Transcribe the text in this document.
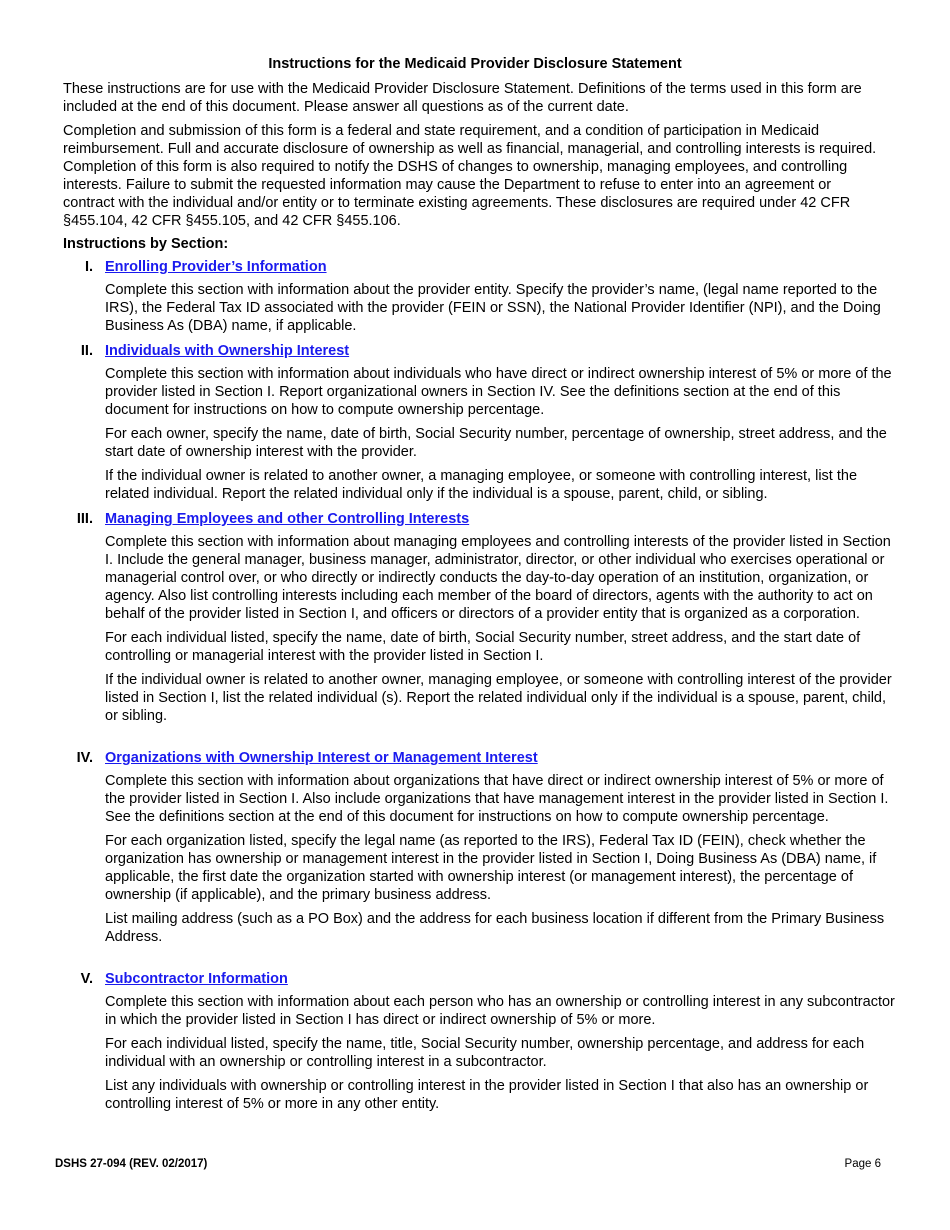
Instructions for the Medicaid Provider Disclosure Statement

These instructions are for use with the Medicaid Provider Disclosure Statement. Definitions of the terms used in this form are included at the end of this document. Please answer all questions as of the current date.

Completion and submission of this form is a federal and state requirement, and a condition of participation in Medicaid reimbursement. Full and accurate disclosure of ownership as well as financial, managerial, and controlling interests is required. Completion of this form is also required to notify the DSHS of changes to ownership, managing employees, and controlling interests. Failure to submit the requested information may cause the Department to refuse to enter into an agreement or contract with the individual and/or entity or to terminate existing agreements. These disclosures are required under 42 CFR §455.104, 42 CFR §455.105, and 42 CFR §455.106.

Instructions by Section:
I. Enrolling Provider’s Information

Complete this section with information about the provider entity. Specify the provider’s name, (legal name reported to the IRS), the Federal Tax ID associated with the provider (FEIN or SSN), the National Provider Identifier (NPI), and the Doing Business As (DBA) name, if applicable.

II. Individuals with Ownership Interest

Complete this section with information about individuals who have direct or indirect ownership interest of 5% or more of the provider listed in Section I. Report organizational owners in Section IV. See the definitions section at the end of this document for instructions on how to compute ownership percentage.

For each owner, specify the name, date of birth, Social Security number, percentage of ownership, street address, and the start date of ownership interest with the provider.

If the individual owner is related to another owner, a managing employee, or someone with controlling interest, list the related individual. Report the related individual only if the individual is a spouse, parent, child, or sibling.

III. Managing Employees and other Controlling Interests

Complete this section with information about managing employees and controlling interests of the provider listed in Section I. Include the general manager, business manager, administrator, director, or other individual who exercises operational or managerial control over, or who directly or indirectly conducts the day-to-day operation of an institution, organization, or agency. Also list controlling interests including each member of the board of directors, agents with the authority to act on behalf of the provider listed in Section I, and officers or directors of a provider entity that is organized as a corporation.

For each individual listed, specify the name, date of birth, Social Security number, street address, and the start date of controlling or managerial interest with the provider listed in Section I.

If the individual owner is related to another owner, managing employee, or someone with controlling interest of the provider listed in Section I, list the related individual (s). Report the related individual only if the individual is a spouse, parent, child, or sibling.

IV. Organizations with Ownership Interest or Management Interest

Complete this section with information about organizations that have direct or indirect ownership interest of 5% or more of the provider listed in Section I. Also include organizations that have management interest in the provider listed in Section I. See the definitions section at the end of this document for instructions on how to compute ownership percentage.

For each organization listed, specify the legal name (as reported to the IRS), Federal Tax ID (FEIN), check whether the organization has ownership or management interest in the provider listed in Section I, Doing Business As (DBA) name, if applicable, the first date the organization started with ownership interest (or management interest), the percentage of ownership (if applicable), and the primary business address.

List mailing address (such as a PO Box) and the address for each business location if different from the Primary Business Address.

V. Subcontractor Information

Complete this section with information about each person who has an ownership or controlling interest in any subcontractor in which the provider listed in Section I has direct or indirect ownership of 5% or more.

For each individual listed, specify the name, title, Social Security number, ownership percentage, and address for each individual with an ownership or controlling interest in a subcontractor.

List any individuals with ownership or controlling interest in the provider listed in Section I that also has an ownership or controlling interest of 5% or more in any other entity.

DSHS 27-094 (REV. 02/2017)	Page 6
